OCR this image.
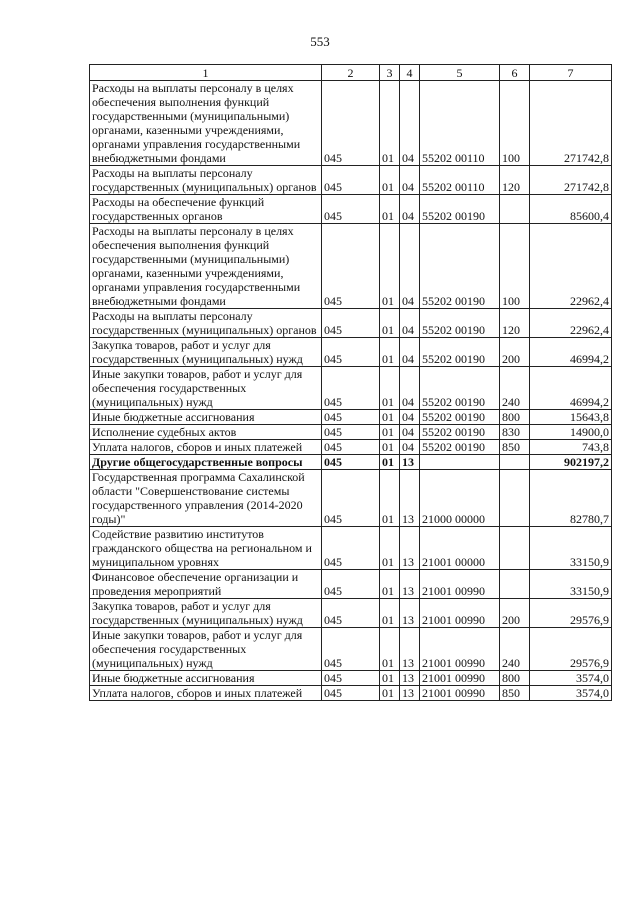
553
1	2	3	4	5	6	7
Расходы на выплаты персоналу в целях обеспечения выполнения функций государственными (муниципальными) органами, казенными учреждениями, органами управления государственными внебюджетными фондами	045	01	04	55202 00110	100	271742,8
Расходы на выплаты персоналу государственных (муниципальных) органов	045	01	04	55202 00110	120	271742,8
Расходы на обеспечение функций государственных органов	045	01	04	55202 00190		85600,4
Расходы на выплаты персоналу в целях обеспечения выполнения функций государственными (муниципальными) органами, казенными учреждениями, органами управления государственными внебюджетными фондами	045	01	04	55202 00190	100	22962,4
Расходы на выплаты персоналу государственных (муниципальных) органов	045	01	04	55202 00190	120	22962,4
Закупка товаров, работ и услуг для государственных (муниципальных) нужд	045	01	04	55202 00190	200	46994,2
Иные закупки товаров, работ и услуг для обеспечения государственных (муниципальных) нужд	045	01	04	55202 00190	240	46994,2
Иные бюджетные ассигнования	045	01	04	55202 00190	800	15643,8
Исполнение судебных актов	045	01	04	55202 00190	830	14900,0
Уплата налогов, сборов и иных платежей	045	01	04	55202 00190	850	743,8
Другие общегосударственные вопросы	045	01	13			902197,2
Государственная программа Сахалинской области "Совершенствование системы государственного управления (2014-2020 годы)"	045	01	13	21000 00000		82780,7
Содействие развитию институтов гражданского общества на региональном и муниципальном уровнях	045	01	13	21001 00000		33150,9
Финансовое обеспечение организации и проведения мероприятий	045	01	13	21001 00990		33150,9
Закупка товаров, работ и услуг для государственных (муниципальных) нужд	045	01	13	21001 00990	200	29576,9
Иные закупки товаров, работ и услуг для обеспечения государственных (муниципальных) нужд	045	01	13	21001 00990	240	29576,9
Иные бюджетные ассигнования	045	01	13	21001 00990	800	3574,0
Уплата налогов, сборов и иных платежей	045	01	13	21001 00990	850	3574,0
